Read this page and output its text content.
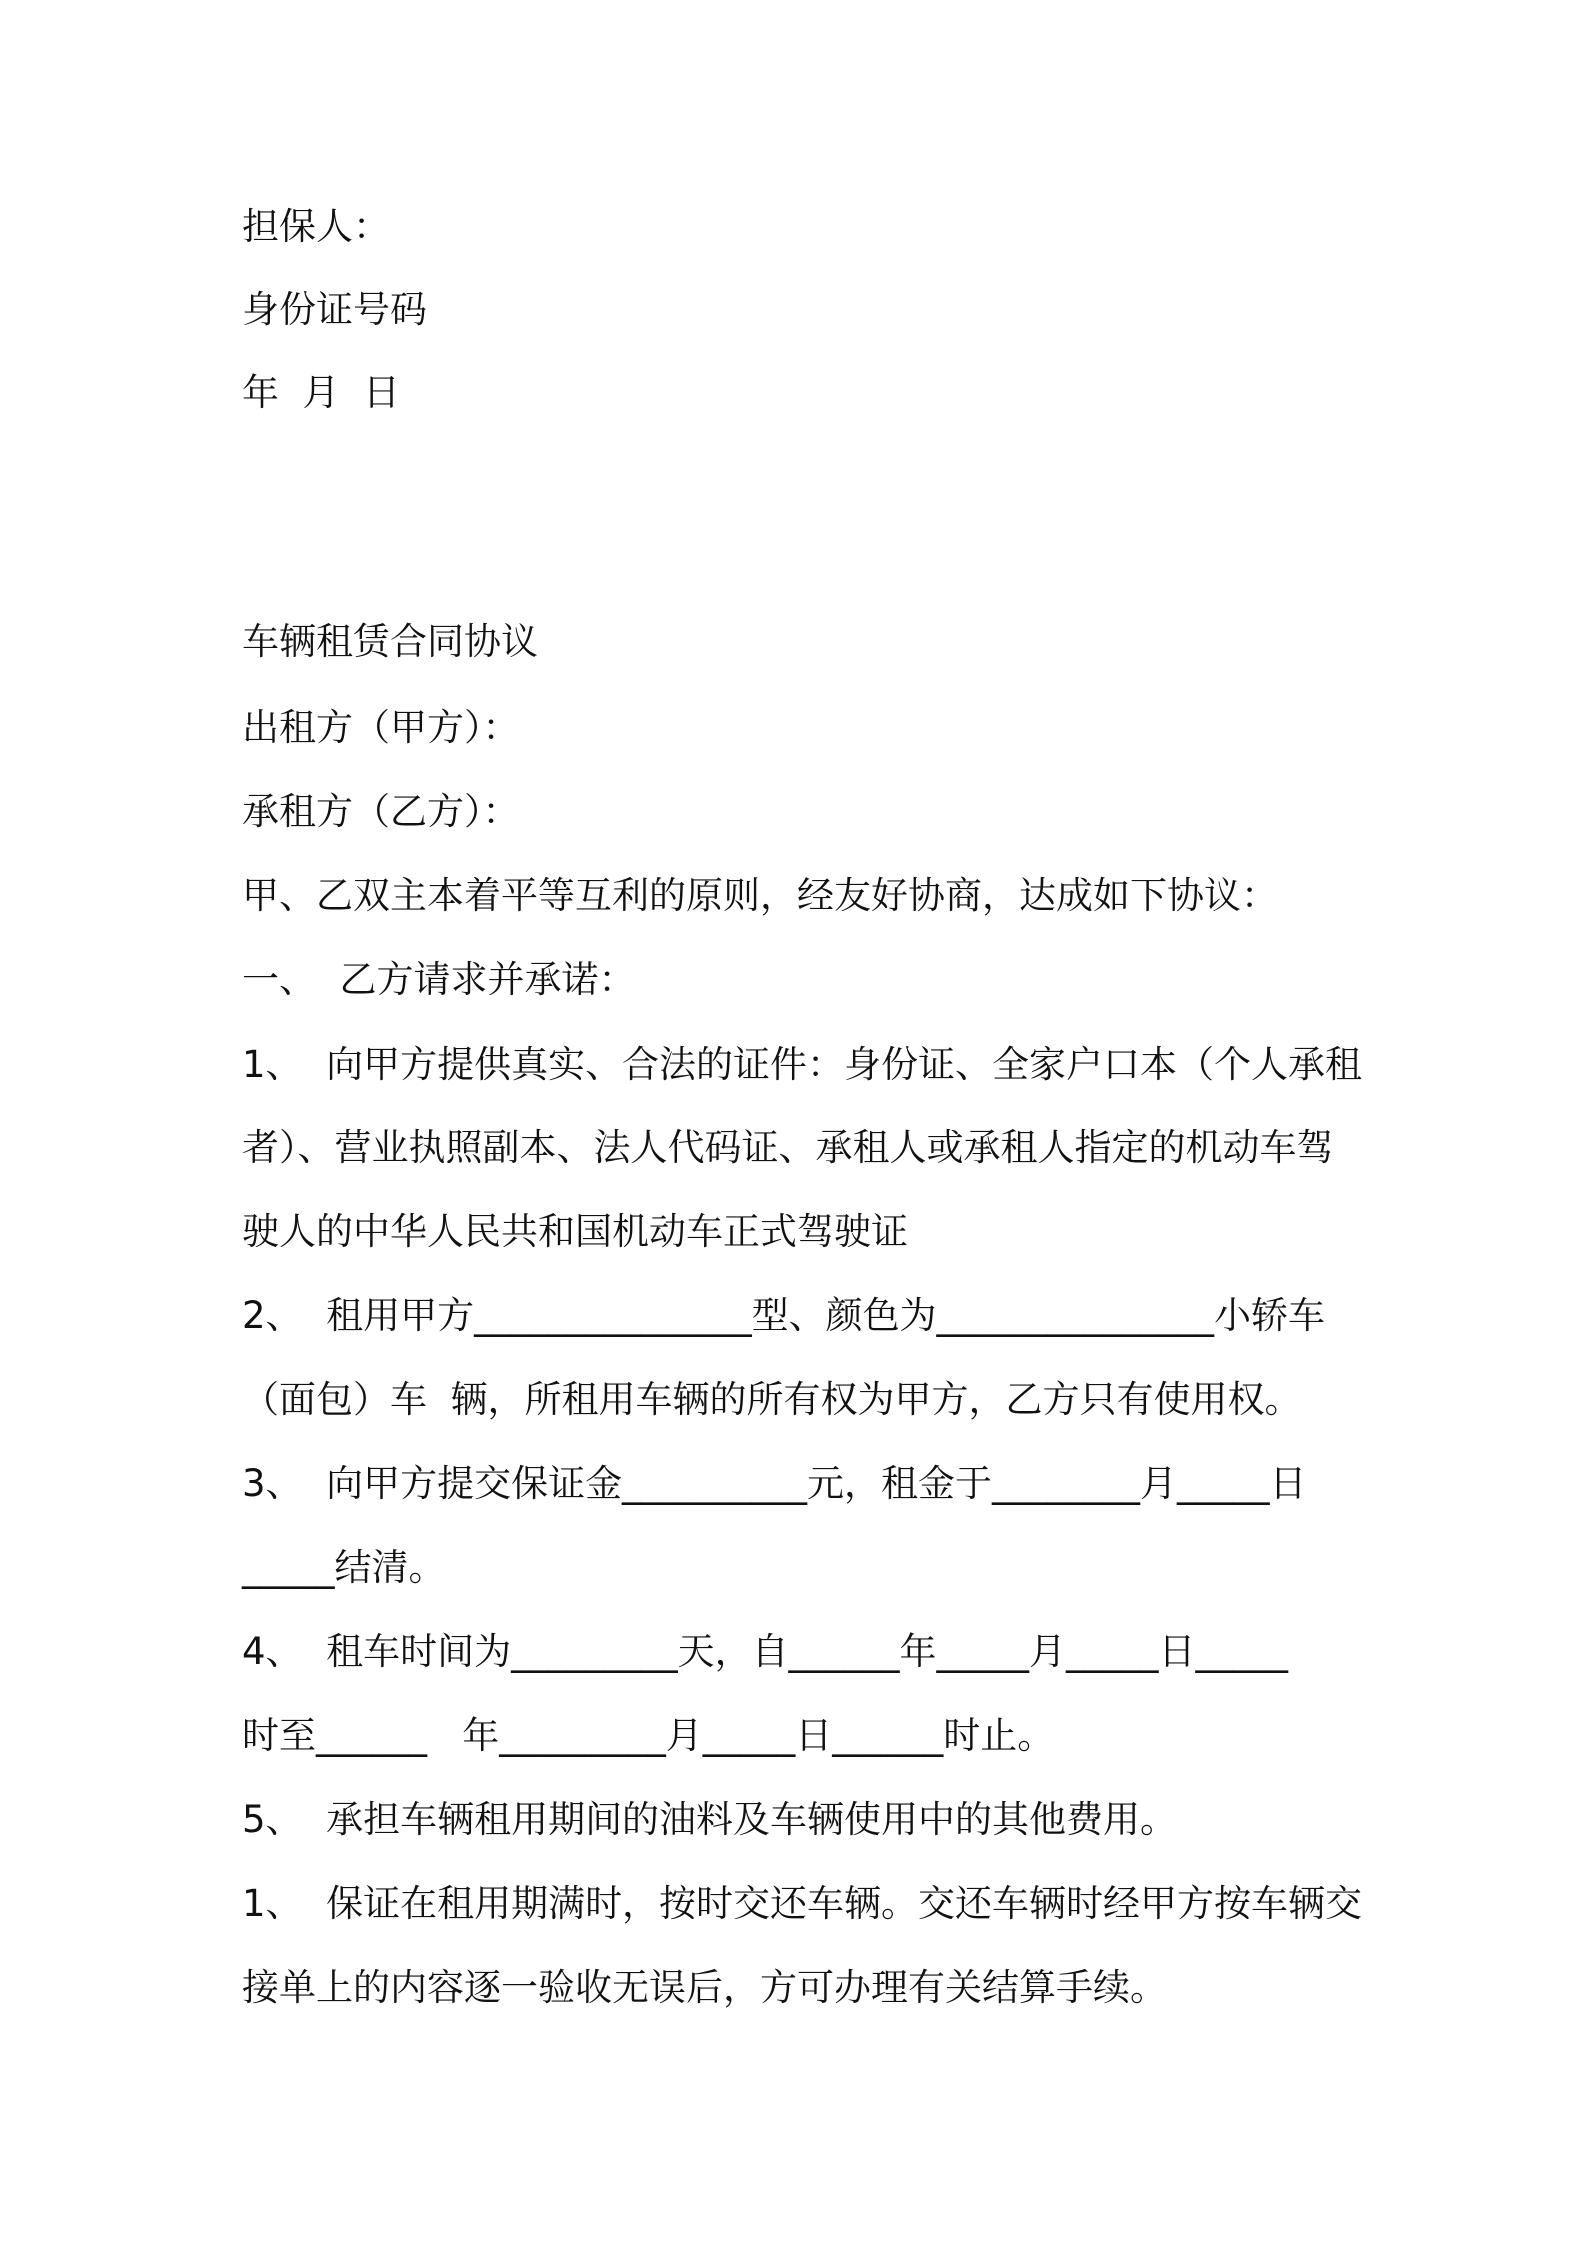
担保人：
身份证号码
年  月  日
车辆租赁合同协议
出租方（甲方）：
承租方（乙方）：
甲、乙双主本着平等互利的原则，经友好协商，达成如下协议：
一、  乙方请求并承诺：
1、  向甲方提供真实、合法的证件：身份证、全家户口本（个人承租
者）、营业执照副本、法人代码证、承租人或承租人指定的机动车驾
驶人的中华人民共和国机动车正式驾驶证
2、  租用甲方_______________型、颜色为_______________小轿车
（面包）车  辆，所租用车辆的所有权为甲方，乙方只有使用权。
3、  向甲方提交保证金__________元，租金于________月_____日
_____结清。
4、  租车时间为_________天，自______年_____月_____日_____
时至______   年_________月_____日______时止。
5、  承担车辆租用期间的油料及车辆使用中的其他费用。
1、  保证在租用期满时，按时交还车辆。交还车辆时经甲方按车辆交
接单上的内容逐一验收无误后，方可办理有关结算手续。
